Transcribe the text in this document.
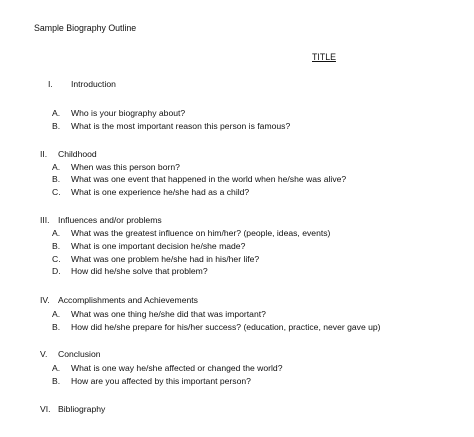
Sample Biography Outline
TITLE
I. Introduction
A. Who is your biography about?
B. What is the most important reason this person is famous?
II. Childhood
A. When was this person born?
B. What was one event that happened in the world when he/she was alive?
C. What is one experience he/she had as a child?
III. Influences and/or problems
A. What was the greatest influence on him/her? (people, ideas, events)
B. What is one important decision he/she made?
C. What was one problem he/she had in his/her life?
D. How did he/she solve that problem?
IV. Accomplishments and Achievements
A. What was one thing he/she did that was important?
B. How did he/she prepare for his/her success? (education, practice, never gave up)
V. Conclusion
A. What is one way he/she affected or changed the world?
B. How are you affected by this important person?
VI. Bibliography
